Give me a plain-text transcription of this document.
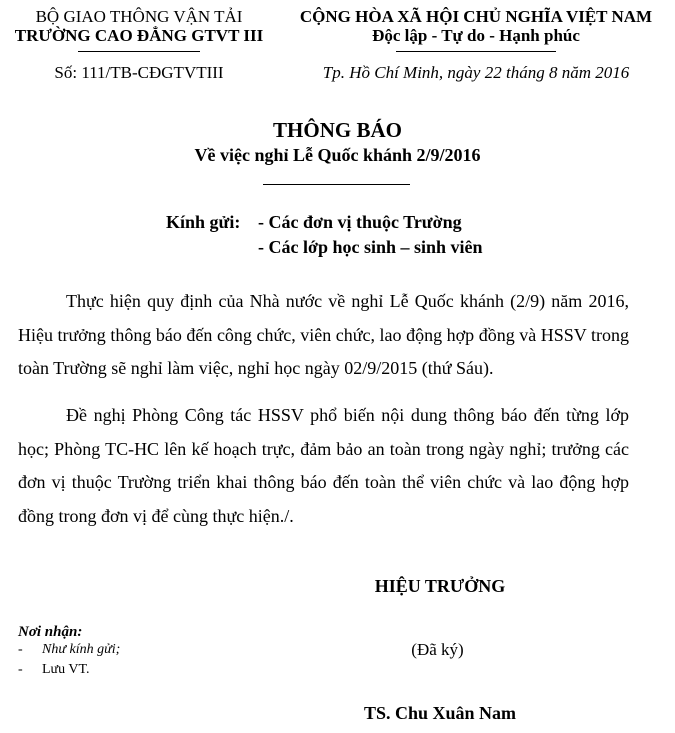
BỘ GIAO THÔNG VẬN TẢI
TRƯỜNG CAO ĐẲNG GTVT III
CỘNG HÒA XÃ HỘI CHỦ NGHĨA VIỆT NAM
Độc lập - Tự do - Hạnh phúc
Số: 111/TB-CĐGTVTIII	Tp. Hồ Chí Minh, ngày 22 tháng 8 năm 2016
THÔNG BÁO
Về việc nghỉ Lễ Quốc khánh 2/9/2016
Kính gửi: - Các đơn vị thuộc Trường
- Các lớp học sinh – sinh viên
Thực hiện quy định của Nhà nước về nghỉ Lễ Quốc khánh (2/9) năm 2016, Hiệu trưởng thông báo đến công chức, viên chức, lao động hợp đồng và HSSV trong toàn Trường sẽ nghỉ làm việc, nghỉ học ngày 02/9/2015 (thứ Sáu).
Đề nghị Phòng Công tác HSSV phổ biến nội dung thông báo đến từng lớp học; Phòng TC-HC lên kế hoạch trực, đảm bảo an toàn trong ngày nghỉ; trưởng các đơn vị thuộc Trường triển khai thông báo đến toàn thể viên chức và lao động hợp đồng trong đơn vị để cùng thực hiện./.
HIỆU TRƯỞNG
(Đã ký)
TS. Chu Xuân Nam
Nơi nhận:
- Như kính gửi;
- Lưu VT.
